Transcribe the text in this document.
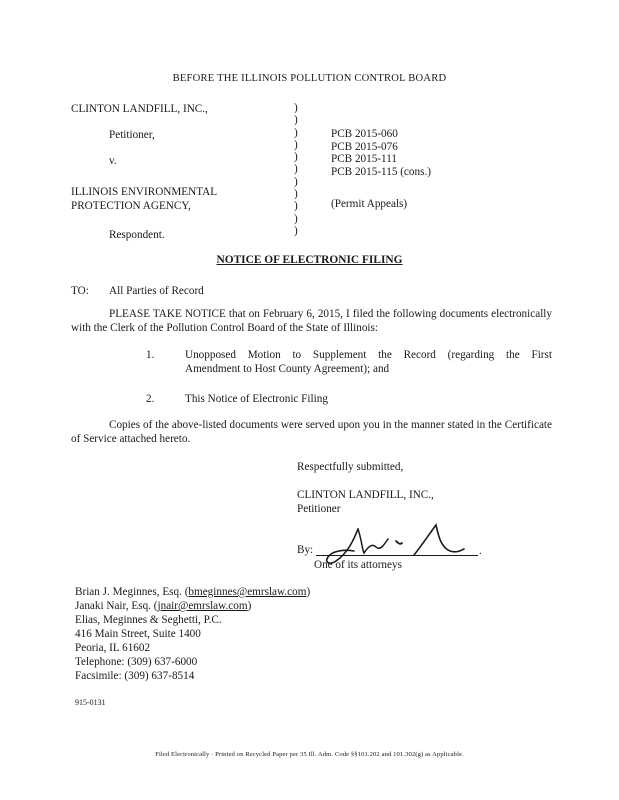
BEFORE THE ILLINOIS POLLUTION CONTROL BOARD
CLINTON LANDFILL, INC.,
Petitioner,
v.
ILLINOIS ENVIRONMENTAL
PROTECTION AGENCY,
Respondent.
)
)
)
)
)
)
)
)
)
)
)
PCB 2015-060
PCB 2015-076
PCB 2015-111
PCB 2015-115 (cons.)
(Permit Appeals)
NOTICE OF ELECTRONIC FILING
TO: All Parties of Record
PLEASE TAKE NOTICE that on February 6, 2015, I filed the following documents electronically with the Clerk of the Pollution Control Board of the State of Illinois:
1.	Unopposed Motion to Supplement the Record (regarding the First
Amendment to Host County Agreement); and
2.	This Notice of Electronic Filing
Copies of the above-listed documents were served upon you in the manner stated in the Certificate of Service attached hereto.
Respectfully submitted,
CLINTON LANDFILL, INC.,
Petitioner
By:	.
One of its attorneys
Brian J. Meginnes, Esq. (bmeginnes@emrslaw.com)
Janaki Nair, Esq. (jnair@emrslaw.com)
Elias, Meginnes & Seghetti, P.C.
416 Main Street, Suite 1400
Peoria, IL 61602
Telephone: (309) 637-6000
Facsimile: (309) 637-8514
915-0131
Filed Electronically · Printed on Recycled Paper per 35 Ill. Adm. Code §§101.202 and 101.302(g) as Applicable.
